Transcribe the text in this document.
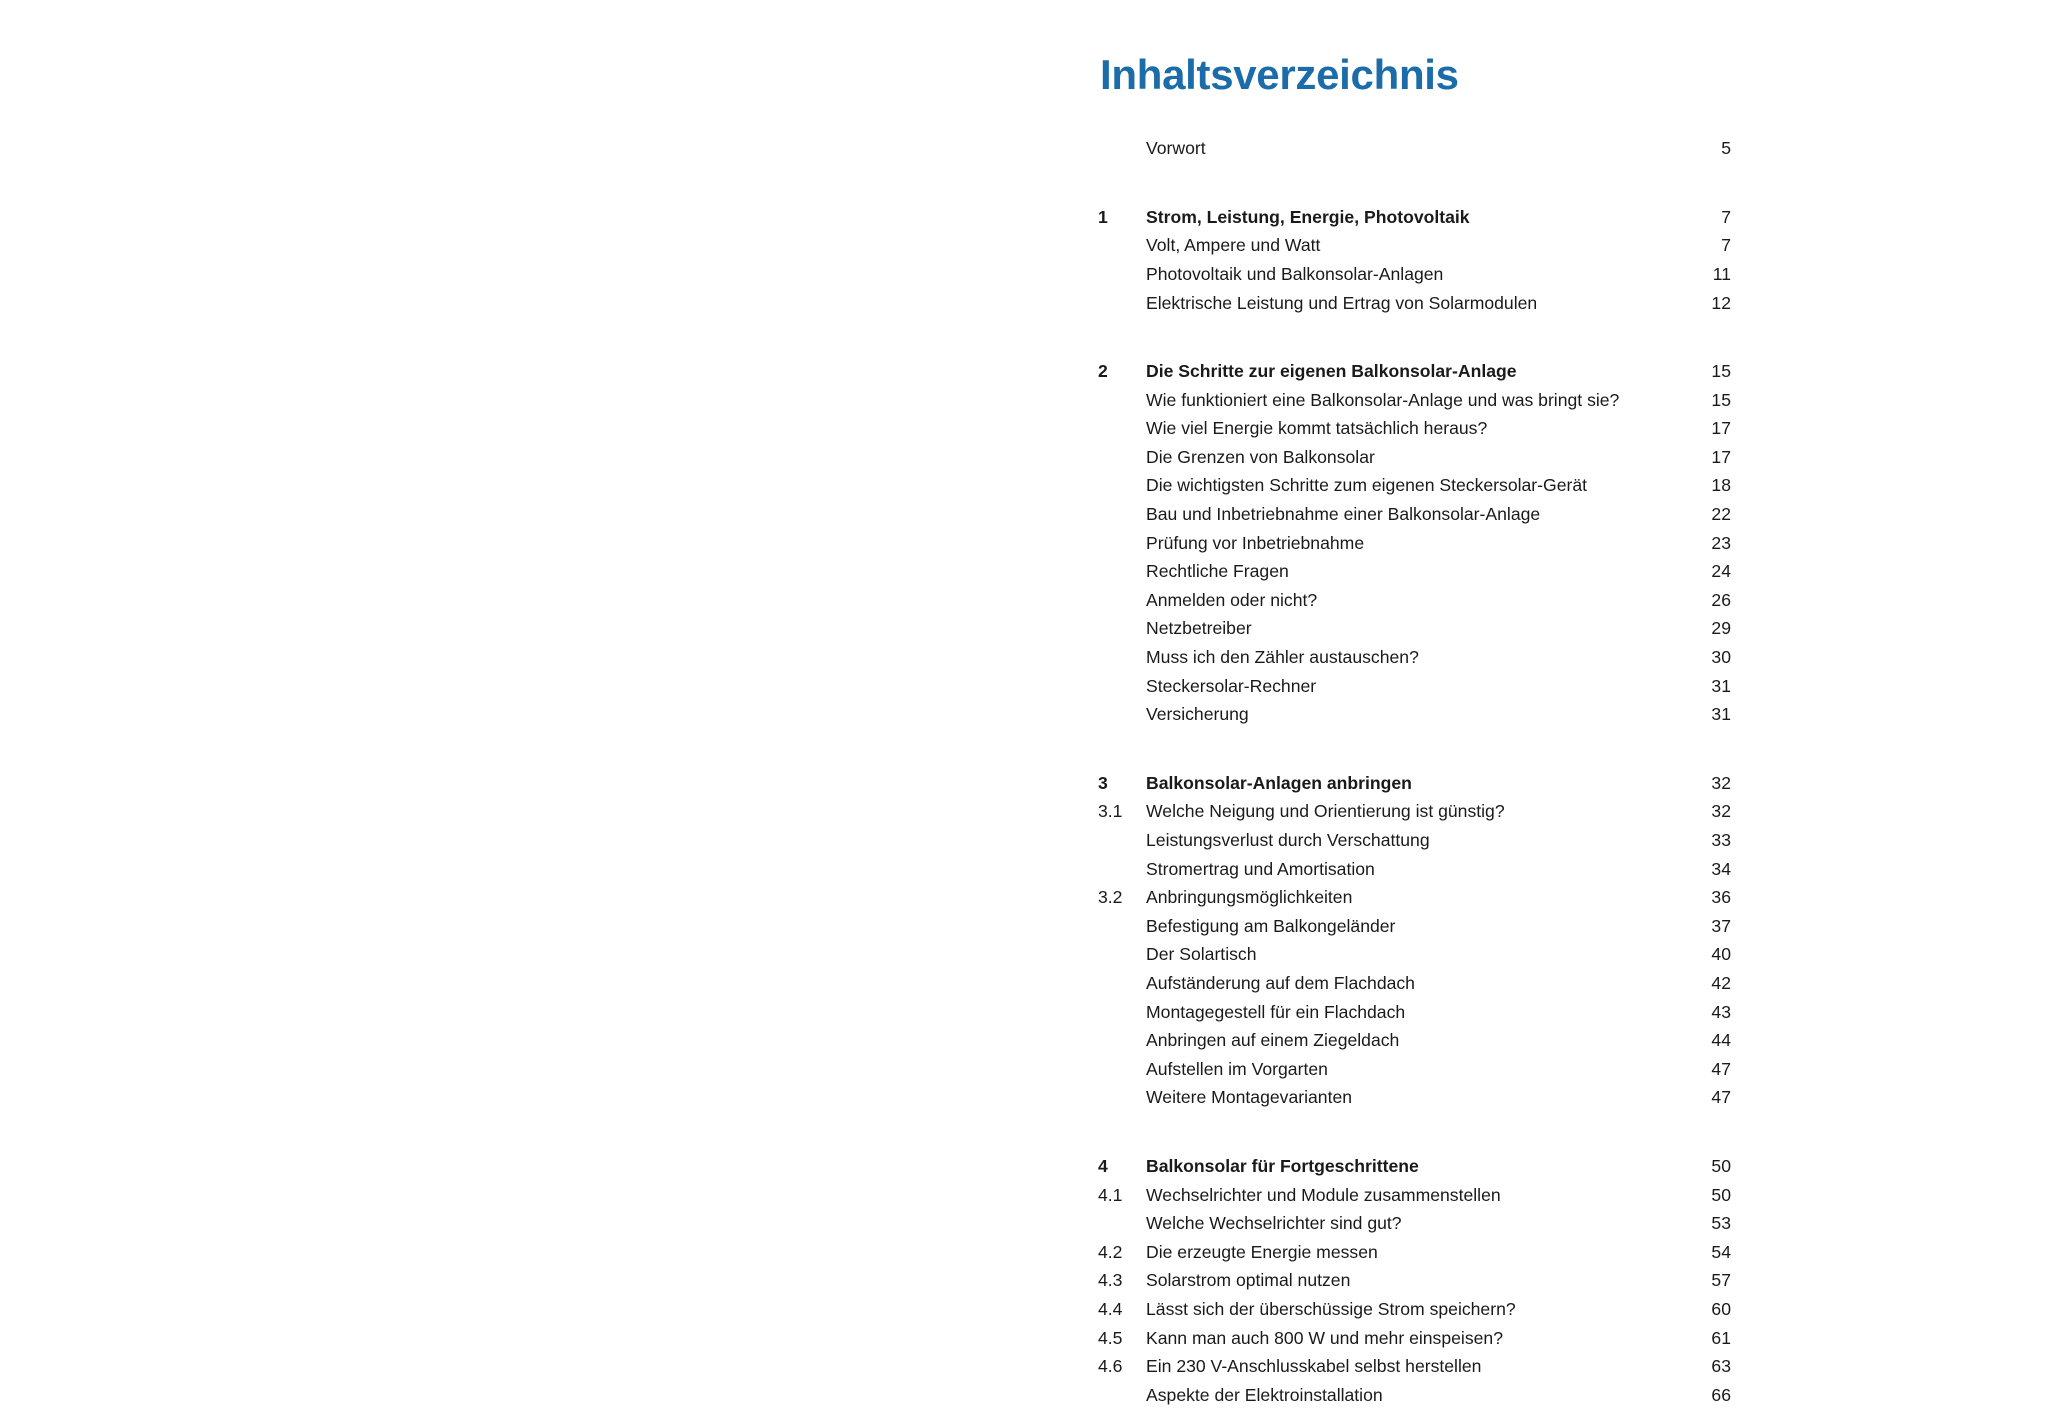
Inhaltsverzeichnis
Vorwort .....	5
1	Strom, Leistung, Energie, Photovoltaik .....	7
Volt, Ampere und Watt .....	7
Photovoltaik und Balkonsolar-Anlagen .....	11
Elektrische Leistung und Ertrag von Solarmodulen .....	12
2	Die Schritte zur eigenen Balkonsolar-Anlage .....	15
Wie funktioniert eine Balkonsolar-Anlage und was bringt sie? .....	15
Wie viel Energie kommt tatsächlich heraus? .....	17
Die Grenzen von Balkonsolar .....	17
Die wichtigsten Schritte zum eigenen Steckersolar-Gerät .....	18
Bau und Inbetriebnahme einer Balkonsolar-Anlage .....	22
Prüfung vor Inbetriebnahme .....	23
Rechtliche Fragen .....	24
Anmelden oder nicht? .....	26
Netzbetreiber .....	29
Muss ich den Zähler austauschen? .....	30
Steckersolar-Rechner .....	31
Versicherung .....	31
3	Balkonsolar-Anlagen anbringen .....	32
3.1	Welche Neigung und Orientierung ist günstig? .....	32
Leistungsverlust durch Verschattung .....	33
Stromertrag und Amortisation .....	34
3.2	Anbringungsmöglichkeiten .....	36
Befestigung am Balkongeländer .....	37
Der Solartisch .....	40
Aufständerung auf dem Flachdach .....	42
Montagegestell für ein Flachdach .....	43
Anbringen auf einem Ziegeldach .....	44
Aufstellen im Vorgarten .....	47
Weitere Montagevarianten .....	47
4	Balkonsolar für Fortgeschrittene .....	50
4.1	Wechselrichter und Module zusammenstellen .....	50
Welche Wechselrichter sind gut? .....	53
4.2	Die erzeugte Energie messen .....	54
4.3	Solarstrom optimal nutzen .....	57
4.4	Lässt sich der überschüssige Strom speichern? .....	60
4.5	Kann man auch 800 W und mehr einspeisen? .....	61
4.6	Ein 230 V-Anschlusskabel selbst herstellen .....	63
Aspekte der Elektroinstallation .....	66
